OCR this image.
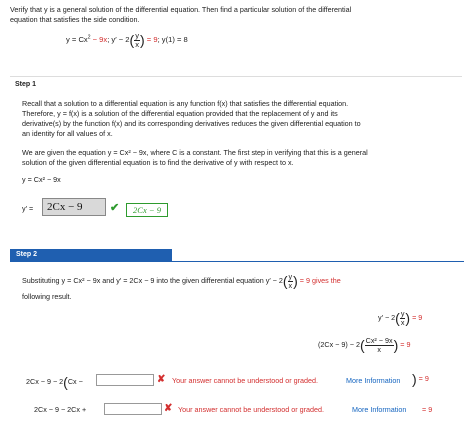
Verify that y is a general solution of the differential equation. Then find a particular solution of the differential
equation that satisfies the side condition.
$y = Cx^2 - 9x$; $y' - 2( \frac{y}{x}$ ) = 9; y(1) = 8
Step 1
Recall that a solution to a differential equation is any function f(x) that satisfies the differential equation.
Therefore, y = f(x) is a solution of the differential equation provided that the replacement of y and its
derivative(s) by the function f(x) and its corresponding derivatives reduces the given differential equation to
an identity for all values of x.
We are given the equation y = Cx² − 9x, where C is a constant. The first step in verifying that this is a general
solution of the given differential equation is to find the derivative of y with respect to x.
y = Cx² − 9x
y′ =	2Cx − 9	✔	2Cx − 9
Step 2
Substituting y = Cx² − 9x and y′ = 2Cx − 9 into the given differential equation $y' - 2( \frac{y}{x}$ ) = 9 gives the
following result.
$y' - 2( \frac{y}{x}$ ) = 9
$(2Cx - 9) - 2( \frac{\text{Cx² − 9x}}{x}$ ) = 9
2Cx − 9 − 2(Cx −	✘ Your answer cannot be understood or graded.	More Information ) = 9
2Cx − 9 − 2Cx +	✘ Your answer cannot be understood or graded.	More Information = 9
